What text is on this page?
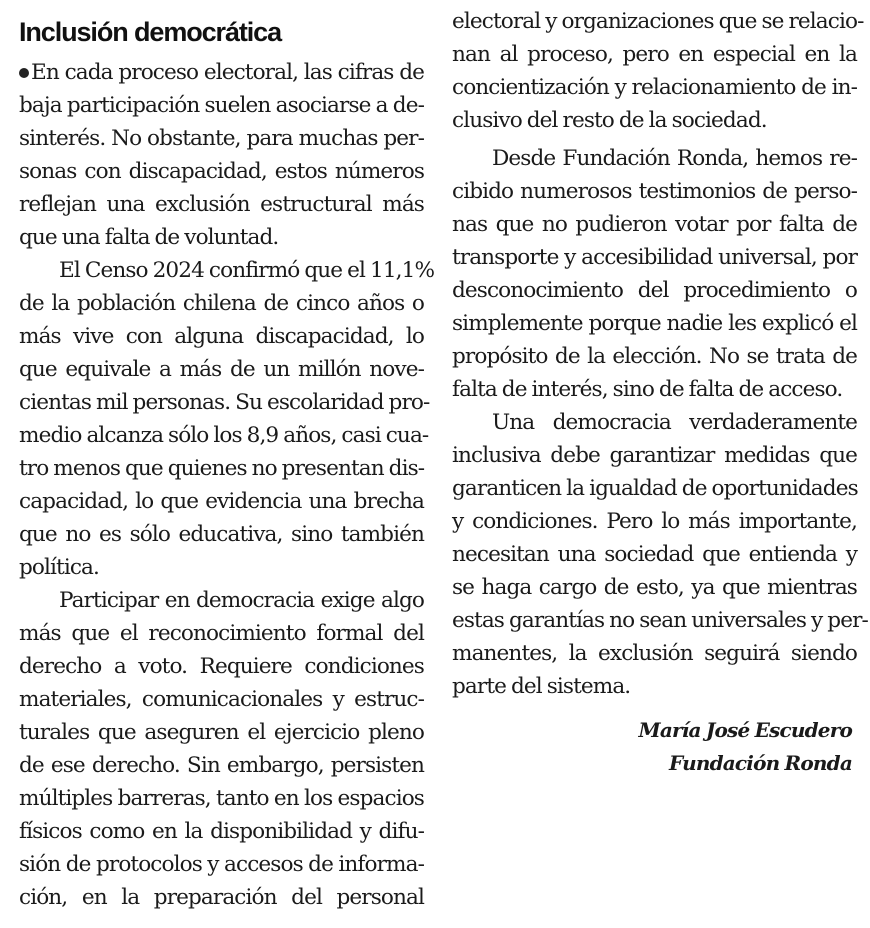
Inclusión democrática
En cada proceso electoral, las cifras de
baja participación suelen asociarse a de-
sinterés. No obstante, para muchas per-
sonas con discapacidad, estos números
reflejan una exclusión estructural más
que una falta de voluntad.
El Censo 2024 confirmó que el 11,1%
de la población chilena de cinco años o
más vive con alguna discapacidad, lo
que equivale a más de un millón nove-
cientas mil personas. Su escolaridad pro-
medio alcanza sólo los 8,9 años, casi cua-
tro menos que quienes no presentan dis-
capacidad, lo que evidencia una brecha
que no es sólo educativa, sino también
política.
Participar en democracia exige algo
más que el reconocimiento formal del
derecho a voto. Requiere condiciones
materiales, comunicacionales y estruc-
turales que aseguren el ejercicio pleno
de ese derecho. Sin embargo, persisten
múltiples barreras, tanto en los espacios
físicos como en la disponibilidad y difu-
sión de protocolos y accesos de informa-
ción, en la preparación del personal
electoral y organizaciones que se relacio-
nan al proceso, pero en especial en la
concientización y relacionamiento de in-
clusivo del resto de la sociedad.
Desde Fundación Ronda, hemos re-
cibido numerosos testimonios de perso-
nas que no pudieron votar por falta de
transporte y accesibilidad universal, por
desconocimiento del procedimiento o
simplemente porque nadie les explicó el
propósito de la elección. No se trata de
falta de interés, sino de falta de acceso.
Una democracia verdaderamente
inclusiva debe garantizar medidas que
garanticen la igualdad de oportunidades
y condiciones. Pero lo más importante,
necesitan una sociedad que entienda y
se haga cargo de esto, ya que mientras
estas garantías no sean universales y per-
manentes, la exclusión seguirá siendo
parte del sistema.
María José Escudero
Fundación Ronda
